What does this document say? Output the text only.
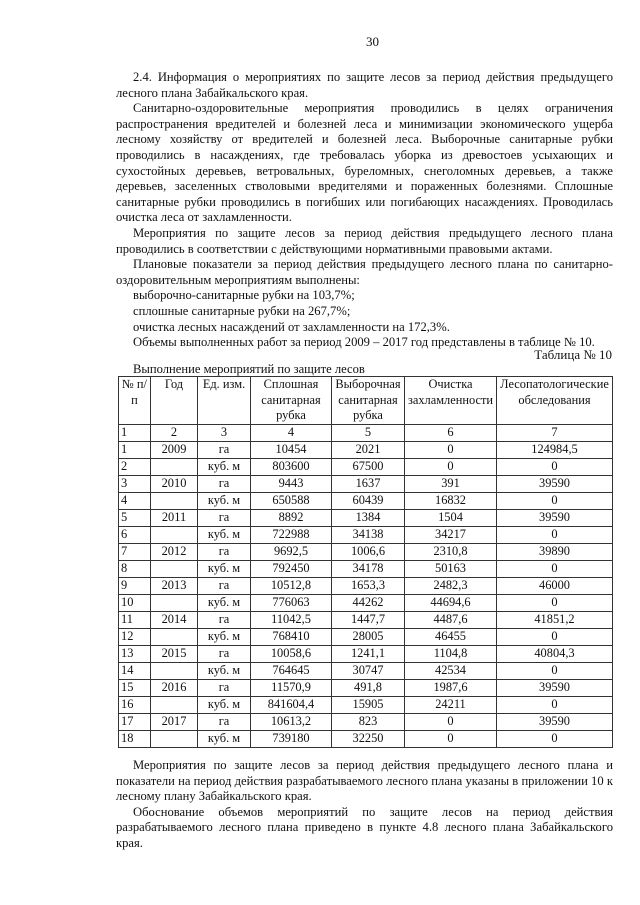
30

2.4. Информация о мероприятиях по защите лесов за период действия предыдущего лесного плана Забайкальского края.

Санитарно-оздоровительные мероприятия проводились в целях ограничения распространения вредителей и болезней леса и минимизации экономического ущерба лесному хозяйству от вредителей и болезней леса. Выборочные санитарные рубки проводились в насаждениях, где требовалась уборка из древостоев усыхающих и сухостойных деревьев, ветровальных, буреломных, снеголомных деревьев, а также деревьев, заселенных стволовыми вредителями и пораженных болезнями. Сплошные санитарные рубки проводились в погибших или погибающих насаждениях. Проводилась очистка леса от захламленности.

Мероприятия по защите лесов за период действия предыдущего лесного плана проводились в соответствии с действующими нормативными правовыми актами.

Плановые показатели за период действия предыдущего лесного плана по санитарно-оздоровительным мероприятиям выполнены:

выборочно-санитарные рубки на 103,7%;

сплошные санитарные рубки на 267,7%;

очистка лесных насаждений от захламленности на 172,3%.

Объемы выполненных работ за период 2009 – 2017 год представлены в таблице № 10.

Таблица № 10
Выполнение мероприятий по защите лесов
№ п/п	Год	Ед. изм.	Сплошная санитарная рубка	Выборочная санитарная рубка	Очистка захламленности	Лесопатологические обследования
1	2	3	4	5	6	7
1	2009	га	10454	2021	0	124984,5
2		куб. м	803600	67500	0	0
3	2010	га	9443	1637	391	39590
4		куб. м	650588	60439	16832	0
5	2011	га	8892	1384	1504	39590
6		куб. м	722988	34138	34217	0
7	2012	га	9692,5	1006,6	2310,8	39890
8		куб. м	792450	34178	50163	0
9	2013	га	10512,8	1653,3	2482,3	46000
10		куб. м	776063	44262	44694,6	0
11	2014	га	11042,5	1447,7	4487,6	41851,2
12		куб. м	768410	28005	46455	0
13	2015	га	10058,6	1241,1	1104,8	40804,3
14		куб. м	764645	30747	42534	0
15	2016	га	11570,9	491,8	1987,6	39590
16		куб. м	841604,4	15905	24211	0
17	2017	га	10613,2	823	0	39590
18		куб. м	739180	32250	0	0

Мероприятия по защите лесов за период действия предыдущего лесного плана и показатели на период действия разрабатываемого лесного плана указаны в приложении 10 к лесному плану Забайкальского края.

Обоснование объемов мероприятий по защите лесов на период действия разрабатываемого лесного плана приведено в пункте 4.8 лесного плана Забайкальского края.
